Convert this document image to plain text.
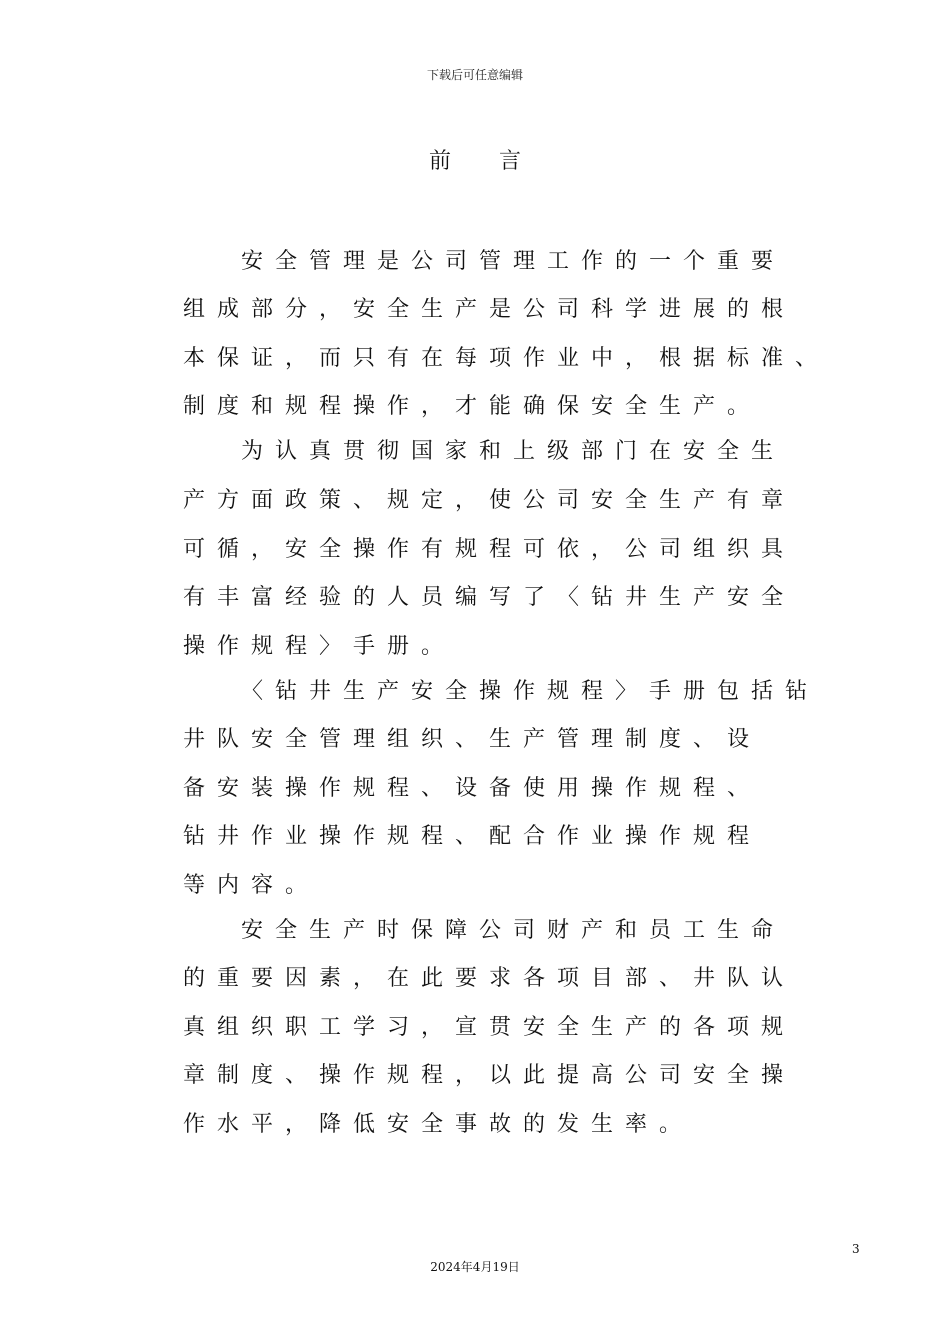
下载后可任意编辑
前言
安全管理是公司管理工作的一个重要
组成部分，安全生产是公司科学进展的根
本保证，而只有在每项作业中，根据标准、
制度和规程操作，才能确保安全生产。
为认真贯彻国家和上级部门在安全生
产方面政策、规定，使公司安全生产有章
可循，安全操作有规程可依，公司组织具
有丰富经验的人员编写了〈钻井生产安全
操作规程〉手册。
〈钻井生产安全操作规程〉手册包括钻
井队安全管理组织、生产管理制度、设
备安装操作规程、设备使用操作规程、
钻井作业操作规程、配合作业操作规程
等内容。
安全生产时保障公司财产和员工生命
的重要因素，在此要求各项目部、井队认
真组织职工学习，宣贯安全生产的各项规
章制度、操作规程，以此提高公司安全操
作水平，降低安全事故的发生率。
3
2024年4月19日
